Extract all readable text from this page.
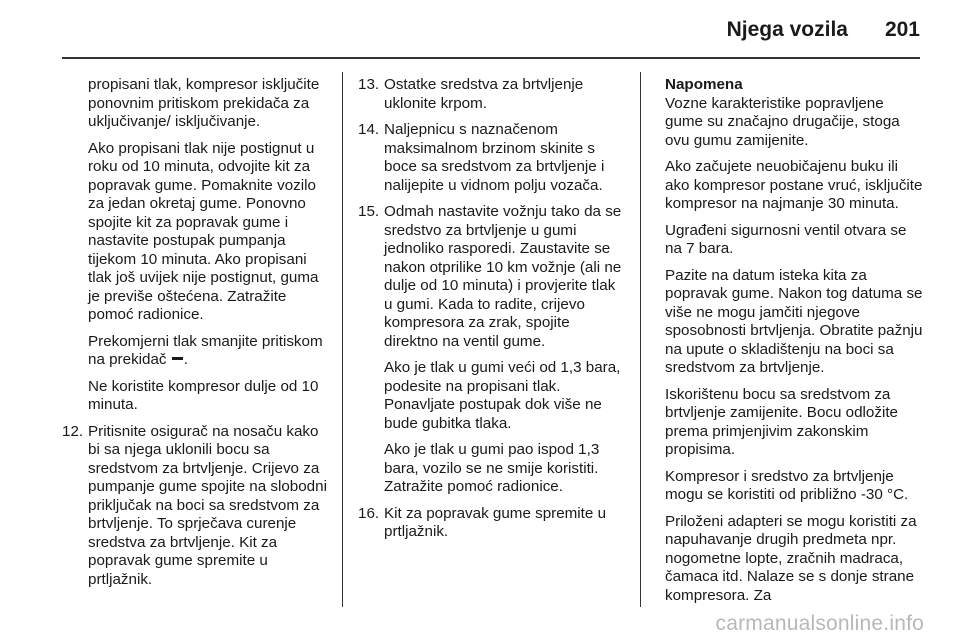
Njega vozila 201

propisani tlak, kompresor isključite ponovnim pritiskom prekidača za uključivanje/ isključivanje.

Ako propisani tlak nije postignut u roku od 10 minuta, odvojite kit za popravak gume. Pomaknite vozilo za jedan okretaj gume. Ponovno spojite kit za popravak gume i nastavite postupak pumpanja tijekom 10 minuta. Ako propisani tlak još uvijek nije postignut, guma je previše oštećena. Zatražite pomoć radionice.

Prekomjerni tlak smanjite pritiskom na prekidač .

Ne koristite kompresor dulje od 10 minuta.

12. Pritisnite osigurač na nosaču kako bi sa njega uklonili bocu sa sredstvom za brtvljenje. Crijevo za pumpanje gume spojite na slobodni priključak na boci sa sredstvom za brtvljenje. To sprječava curenje sredstva za brtvljenje. Kit za popravak gume spremite u prtljažnik.

13. Ostatke sredstva za brtvljenje uklonite krpom.

14. Naljepnicu s naznačenom maksimalnom brzinom skinite s boce sa sredstvom za brtvljenje i nalijepite u vidnom polju vozača.

15. Odmah nastavite vožnju tako da se sredstvo za brtvljenje u gumi jednoliko rasporedi. Zaustavite se nakon otprilike 10 km vožnje (ali ne dulje od 10 minuta) i provjerite tlak u gumi. Kada to radite, crijevo kompresora za zrak, spojite direktno na ventil gume.

Ako je tlak u gumi veći od 1,3 bara, podesite na propisani tlak. Ponavljate postupak dok više ne bude gubitka tlaka.

Ako je tlak u gumi pao ispod 1,3 bara, vozilo se ne smije koristiti. Zatražite pomoć radionice.

16. Kit za popravak gume spremite u prtljažnik.

Napomena

Vozne karakteristike popravljene gume su značajno drugačije, stoga ovu gumu zamijenite.

Ako začujete neuobičajenu buku ili ako kompresor postane vruć, isključite kompresor na najmanje 30 minuta.

Ugrađeni sigurnosni ventil otvara se na 7 bara.

Pazite na datum isteka kita za popravak gume. Nakon tog datuma se više ne mogu jamčiti njegove sposobnosti brtvljenja. Obratite pažnju na upute o skladištenju na boci sa sredstvom za brtvljenje.

Iskorištenu bocu sa sredstvom za brtvljenje zamijenite. Bocu odložite prema primjenjivim zakonskim propisima.

Kompresor i sredstvo za brtvljenje mogu se koristiti od približno -30 °C.

Priloženi adapteri se mogu koristiti za napuhavanje drugih predmeta npr. nogometne lopte, zračnih madraca, čamaca itd. Nalaze se s donje strane kompresora. Za

carmanualsonline.info
